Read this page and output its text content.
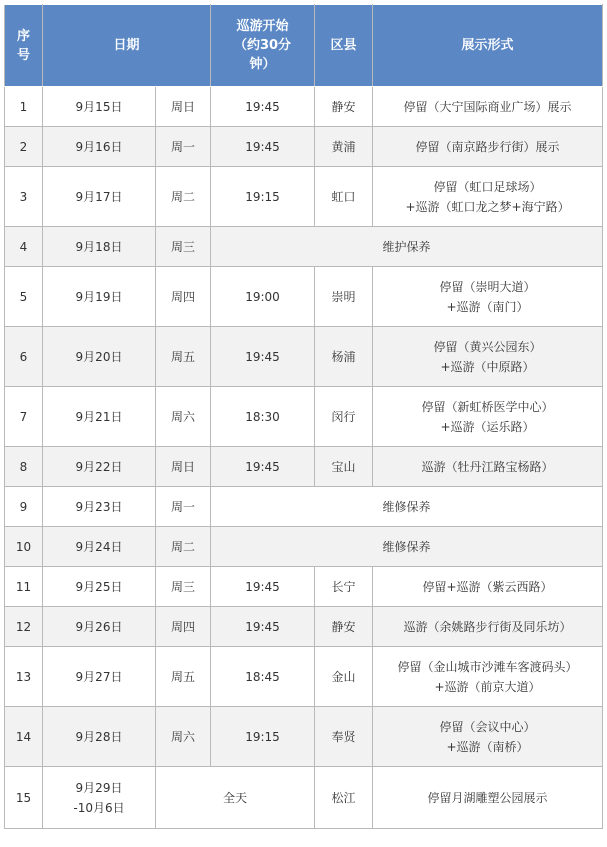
序号	日期		巡游开始（约30分钟）	区县	展示形式
1	9月15日	周日	19:45	静安	停留（大宁国际商业广场）展示

2	9月16日	周一	19:45	黄浦	停留（南京路步行街）展示

3	9月17日	周二	19:15	虹口	停留（虹口足球场）
+巡游（虹口龙之梦+海宁路）

4	9月18日	周三	维护保养		
5	9月19日	周四	19:00	崇明	停留（崇明大道）
+巡游（南门）

6	9月20日	周五	19:45	杨浦	停留（黄兴公园东）
+巡游（中原路）

7	9月21日	周六	18:30	闵行	停留（新虹桥医学中心）
+巡游（运乐路）

8	9月22日	周日	19:45	宝山	巡游（牡丹江路宝杨路）

9	9月23日	周一	维修保养		
10	9月24日	周二	维修保养		
11	9月25日	周三	19:45	长宁	停留+巡游（紫云西路）

12	9月26日	周四	19:45	静安	巡游（余姚路步行街及同乐坊）

13	9月27日	周五	18:45	金山	停留（金山城市沙滩车客渡码头）
+巡游（前京大道）

14	9月28日	周六	19:15	奉贤	停留（会议中心）
+巡游（南桥）

15	9月29日
-10月6日	全天		松江	停留月湖雕塑公园展示
